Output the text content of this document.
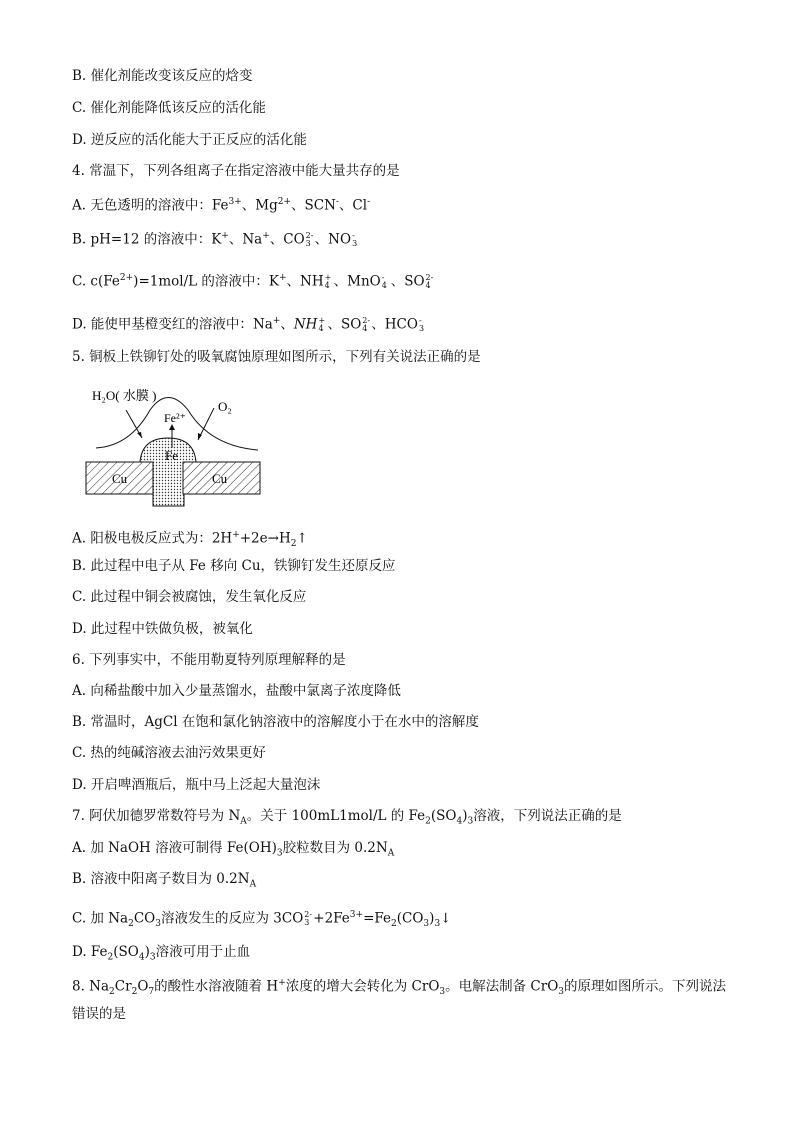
B. 催化剂能改变该反应的焓变
C. 催化剂能降低该反应的活化能
D. 逆反应的活化能大于正反应的活化能
4. 常温下，下列各组离子在指定溶液中能大量共存的是
A. 无色透明的溶液中：$Fe^{3+}$、$Mg^{2+}$、SCN-、Cl-
B. pH=12 的溶液中：K+、Na+、CO 2-
3 、NO -
3
C. $c(Fe^{2+})=1mol/L$ 的溶液中：K+、NH +
4 、MnO -
4 、SO 2-
4
D. 能使甲基橙变红的溶液中：Na+、NH +
4 、SO 2-
4 、HCO -
3
5. 铜板上铁铆钉处的吸氧腐蚀原理如图所示，下列有关说法正确的是
H₂O( 水膜 )
Fe²⁺
O₂
Fe
Cu	Cu
A. 阳极电极反应式为：$2H^++2e\to H_2↑$
B. 此过程中电子从 Fe 移向 Cu，铁铆钉发生还原反应
C. 此过程中铜会被腐蚀，发生氧化反应
D. 此过程中铁做负极，被氧化
6. 下列事实中，不能用勒夏特列原理解释的是
A. 向稀盐酸中加入少量蒸馏水，盐酸中氯离子浓度降低
B. 常温时，AgCl 在饱和氯化钠溶液中的溶解度小于在水中的溶解度
C. 热的纯碱溶液去油污效果更好
D. 开启啤酒瓶后，瓶中马上泛起大量泡沫
7. 阿伏加德罗常数符号为 $N_A$。关于 100mL1mol/L 的 $Fe_2(SO_4)_3$溶液，下列说法正确的是
A. 加 NaOH 溶液可制得 $Fe(OH)_3$胶粒数目为 $0.2N_A$
B. 溶液中阳离子数目为 $0.2N_A$
C. 加 $Na_2CO_3$溶液发生的反应为 3CO 2-
$3 +2Fe^{3+}=Fe_2(CO_3)_3↓$
D. $Fe_2(SO_4)_3$溶液可用于止血
8. $Na_2Cr_2O_7$的酸性水溶液随着 H+浓度的增大会转化为 CrO$_3$。电解法制备 CrO$_3$的原理如图所示。下列说法
错误的是
